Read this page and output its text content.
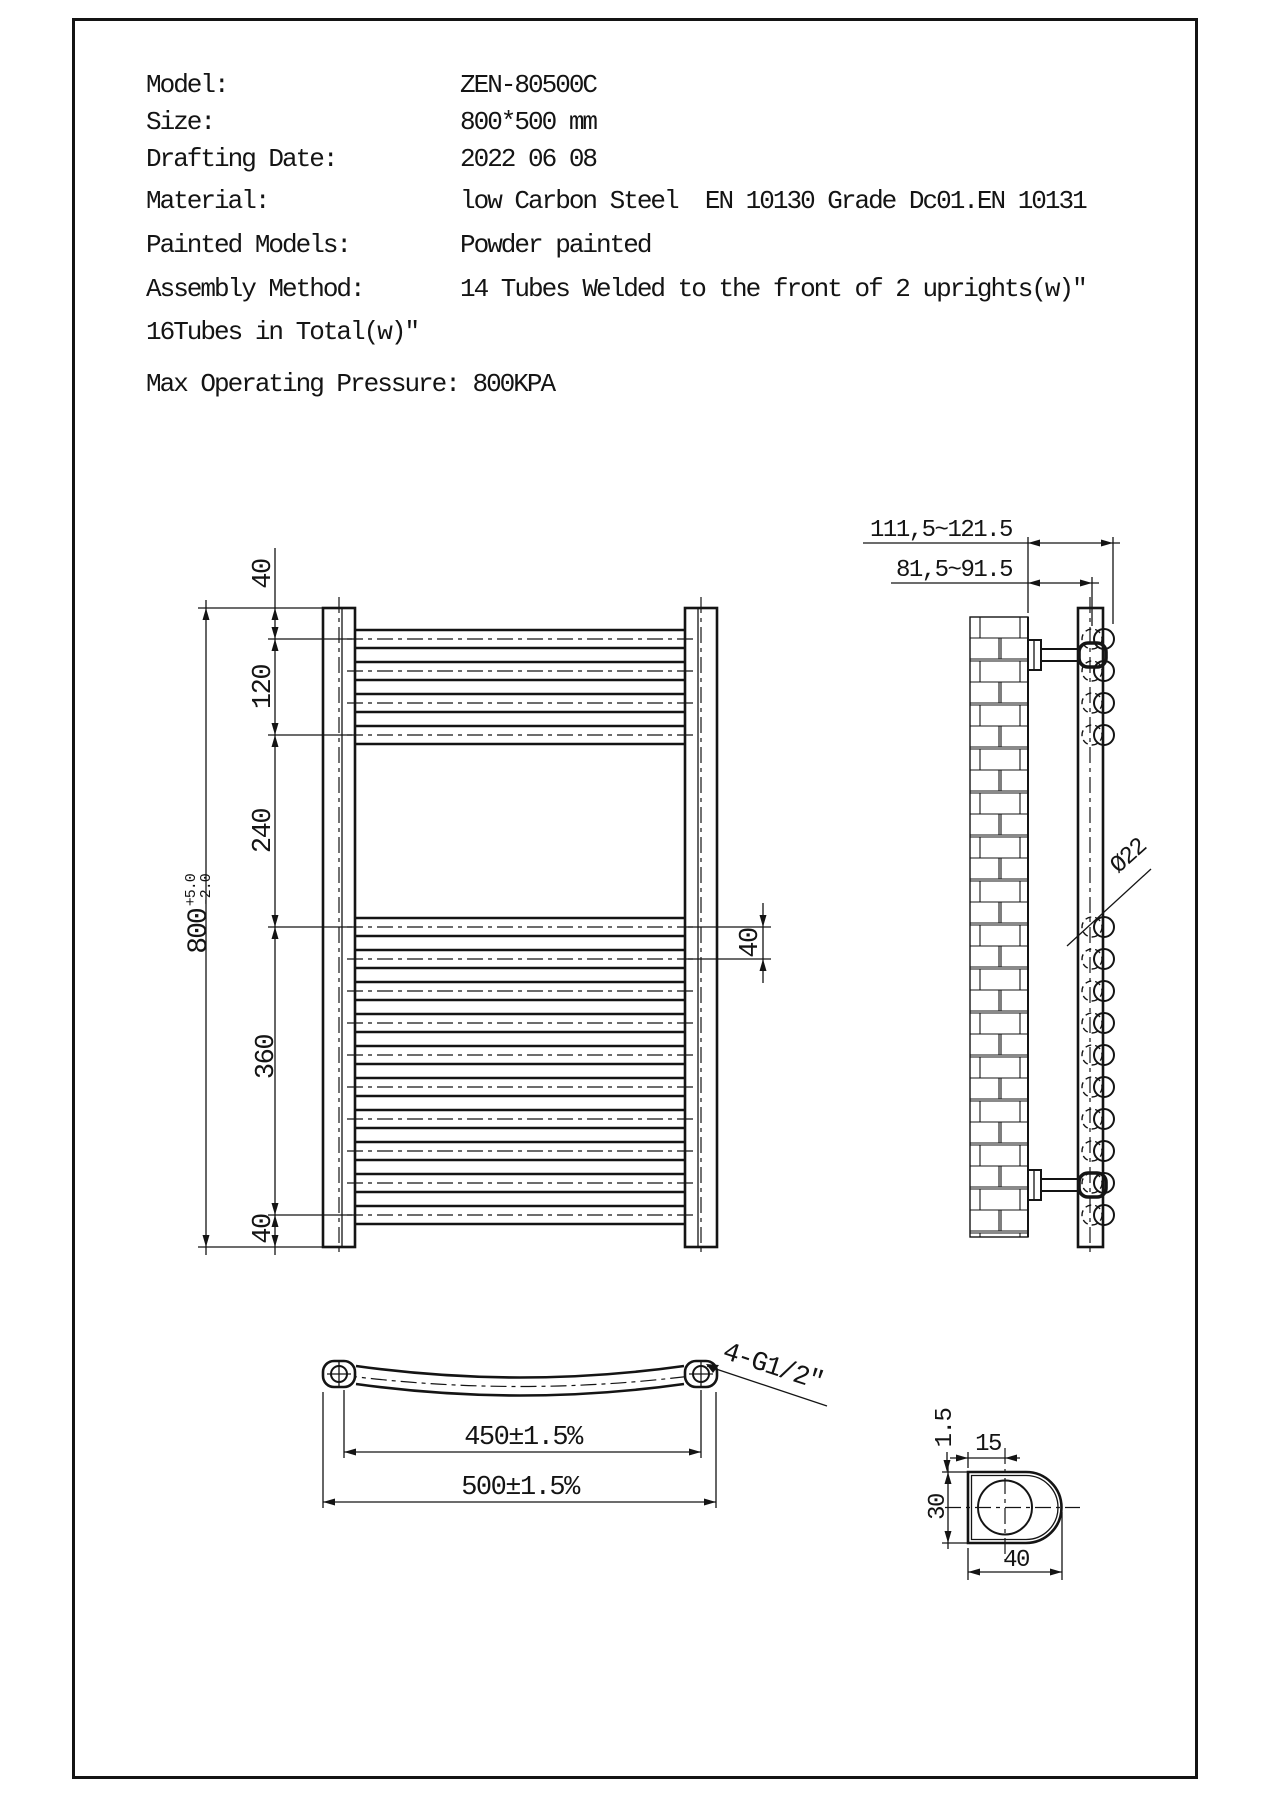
Model:	ZEN-80500C
Size:	800*500 mm
Drafting Date:	2022 06 08
Material:	low Carbon Steel  EN 10130 Grade Dc01.EN 10131
Painted Models:	Powder painted
Assembly Method:	14 Tubes Welded to the front of 2 uprights(w)"
16Tubes in Total(w)"
Max Operating Pressure: 800KPA
800
+5.0
-2.0
40
120
240
360
40
40
111,5~121.5
81,5~91.5
Ø22
450±1.5%
500±1.5%
4-G1/2"
15
1.5
30
40
